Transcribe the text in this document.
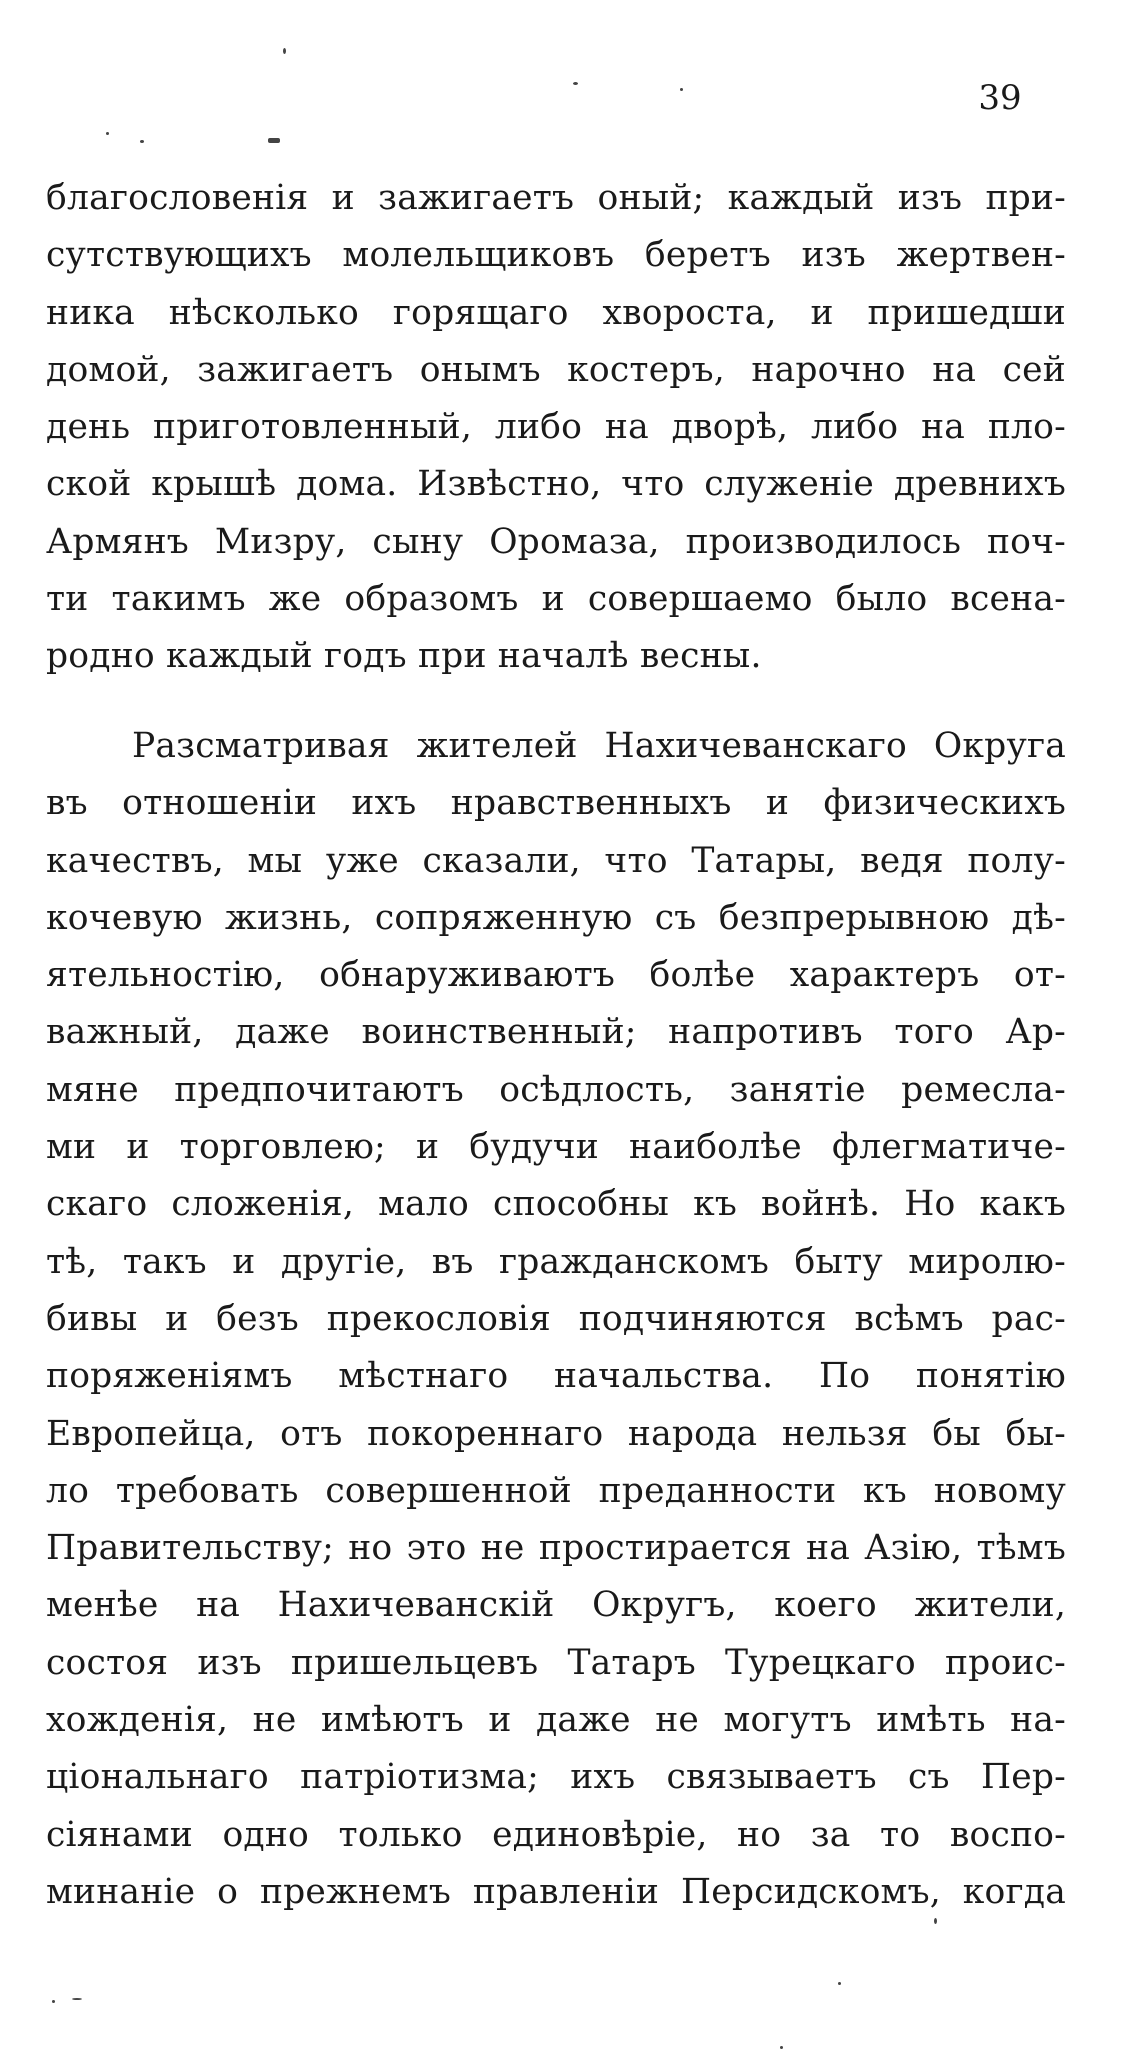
39
благословенія и зажигаетъ оный; каждый изъ при-
сутствующихъ молельщиковъ беретъ изъ жертвен-
ника нѣсколько горящаго хвороста, и пришедши
домой, зажигаетъ онымъ костеръ, нарочно на сей
день приготовленный, либо на дворѣ, либо на пло-
ской крышѣ дома. Извѣстно, что служеніе древнихъ
Армянъ Мизру, сыну Оромаза, производилось поч-
ти такимъ же образомъ и совершаемо было всена-
родно каждый годъ при началѣ весны.
Разсматривая жителей Нахичеванскаго Округа
въ отношеніи ихъ нравственныхъ и физическихъ
качествъ, мы уже сказали, что Татары, ведя полу-
кочевую жизнь, сопряженную съ безпрерывною дѣ-
ятельностію, обнаруживаютъ болѣе характеръ от-
важный, даже воинственный; напротивъ того Ар-
мяне предпочитаютъ осѣдлость, занятіе ремесла-
ми и торговлею; и будучи наиболѣе флегматиче-
скаго сложенія, мало способны къ войнѣ. Но какъ
тѣ, такъ и другіе, въ гражданскомъ быту миролю-
бивы и безъ прекословія подчиняются всѣмъ рас-
поряженіямъ мѣстнаго начальства. По понятію
Европейца, отъ покореннаго народа нельзя бы бы-
ло требовать совершенной преданности къ новому
Правительству; но это не простирается на Азію, тѣмъ
менѣе на Нахичеванскій Округъ, коего жители,
состоя изъ пришельцевъ Татаръ Турецкаго проис-
хожденія, не имѣютъ и даже не могутъ имѣть на-
ціональнаго патріотизма; ихъ связываетъ съ Пер-
сіянами одно только единовѣріе, но за то воспо-
минаніе о прежнемъ правленіи Персидскомъ, когда
